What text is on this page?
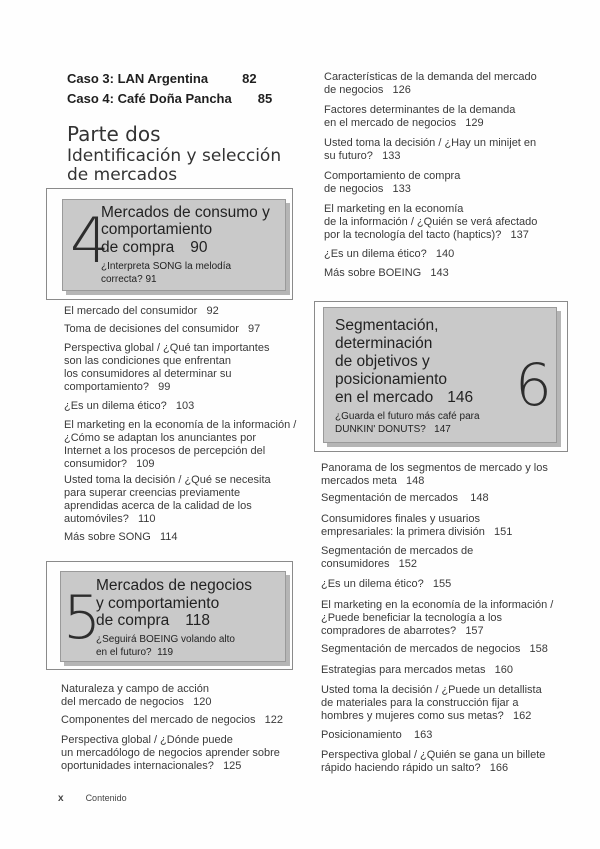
Caso 3: LAN Argentina	82
Caso 4: Café Doña Pancha 85
Parte dos
Identificación y selección
de mercados
4
Mercados de consumo y
comportamiento
de compra 90
¿Interpreta SONG la melodía
correcta? 91
El mercado del consumidor 92
Toma de decisiones del consumidor 97
Perspectiva global / ¿Qué tan importantes
son las condiciones que enfrentan
los consumidores al determinar su
comportamiento? 99
¿Es un dilema ético? 103
El marketing en la economía de la información /
¿Cómo se adaptan los anunciantes por
Internet a los procesos de percepción del
consumidor? 109
Usted toma la decisión / ¿Qué se necesita
para superar creencias previamente
aprendidas acerca de la calidad de los
automóviles? 110
Más sobre SONG 114
5
Mercados de negocios
y comportamiento
de compra 118
¿Seguirá BOEING volando alto
en el futuro? 119
Naturaleza y campo de acción
del mercado de negocios 120
Componentes del mercado de negocios 122
Perspectiva global / ¿Dónde puede
un mercadólogo de negocios aprender sobre
oportunidades internacionales? 125
Características de la demanda del mercado
de negocios 126
Factores determinantes de la demanda
en el mercado de negocios 129
Usted toma la decisión / ¿Hay un minijet en
su futuro? 133
Comportamiento de compra
de negocios 133
El marketing en la economía
de la información / ¿Quién se verá afectado
por la tecnología del tacto (haptics)? 137
¿Es un dilema ético? 140
Más sobre BOEING 143
Segmentación,
determinación
de objetivos y
posicionamiento
en el mercado 146 6
¿Guarda el futuro más café para
DUNKIN' DONUTS? 147
Panorama de los segmentos de mercado y los
mercados meta 148
Segmentación de mercados 148
Consumidores finales y usuarios
empresariales: la primera división 151
Segmentación de mercados de
consumidores 152
¿Es un dilema ético? 155
El marketing en la economía de la información /
¿Puede beneficiar la tecnología a los
compradores de abarrotes? 157
Segmentación de mercados de negocios 158
Estrategias para mercados metas 160
Usted toma la decisión / ¿Puede un detallista
de materiales para la construcción fijar a
hombres y mujeres como sus metas? 162
Posicionamiento 163
Perspectiva global / ¿Quién se gana un billete
rápido haciendo rápido un salto? 166
x Contenido
